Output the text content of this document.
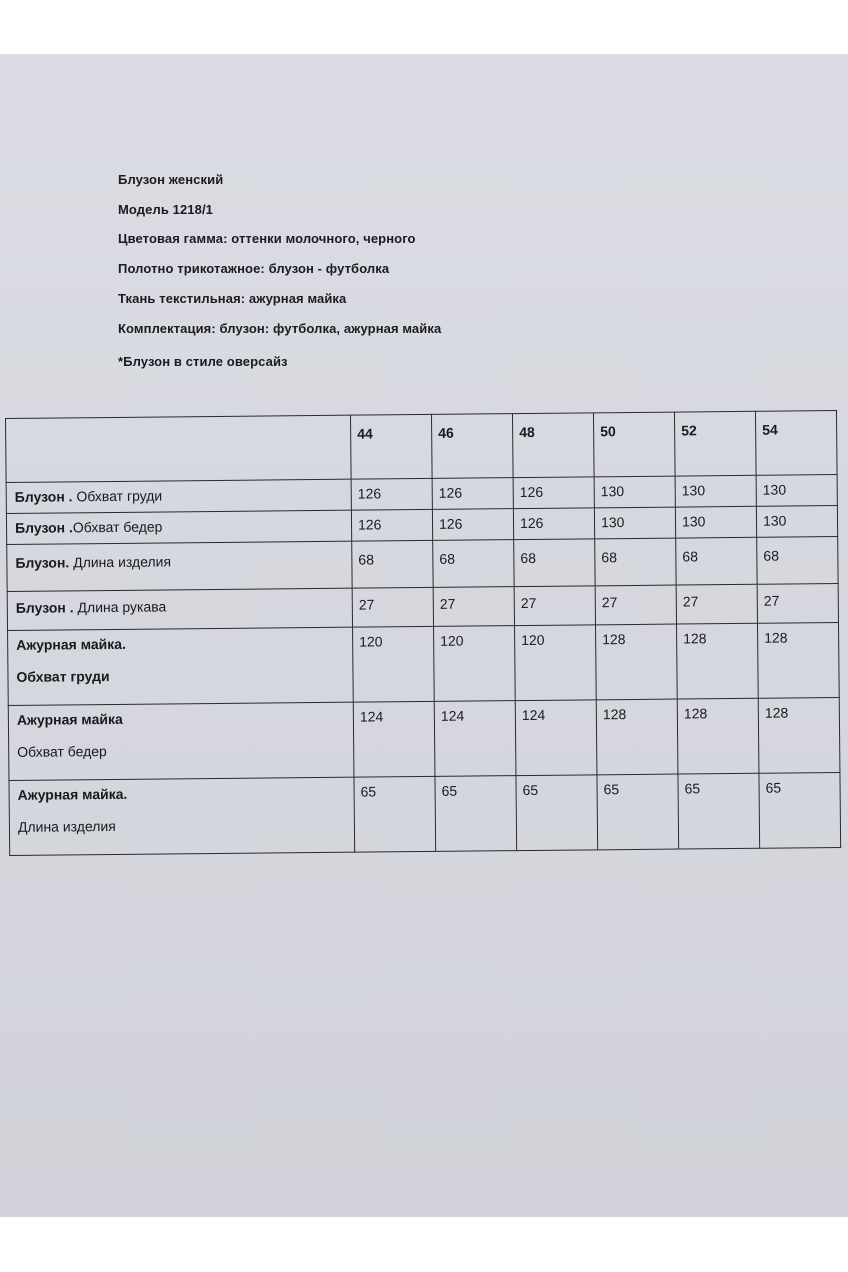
Блузон женский
Модель 1218/1
Цветовая гамма: оттенки молочного, черного
Полотно трикотажное: блузон - футболка
Ткань текстильная: ажурная майка
Комплектация: блузон: футболка, ажурная майка
*Блузон в стиле оверсайз
	44	46	48	50	52	54
Блузон . Обхват груди	126	126	126	130	130	130
Блузон .Обхват бедер	126	126	126	130	130	130
Блузон. Длина изделия	68	68	68	68	68	68
Блузон . Длина рукава	27	27	27	27	27	27
Ажурная майка.
Обхват груди	120	120	120	128	128	128
Ажурная майка
Обхват бедер	124	124	124	128	128	128
Ажурная майка.
Длина изделия	65	65	65	65	65	65
